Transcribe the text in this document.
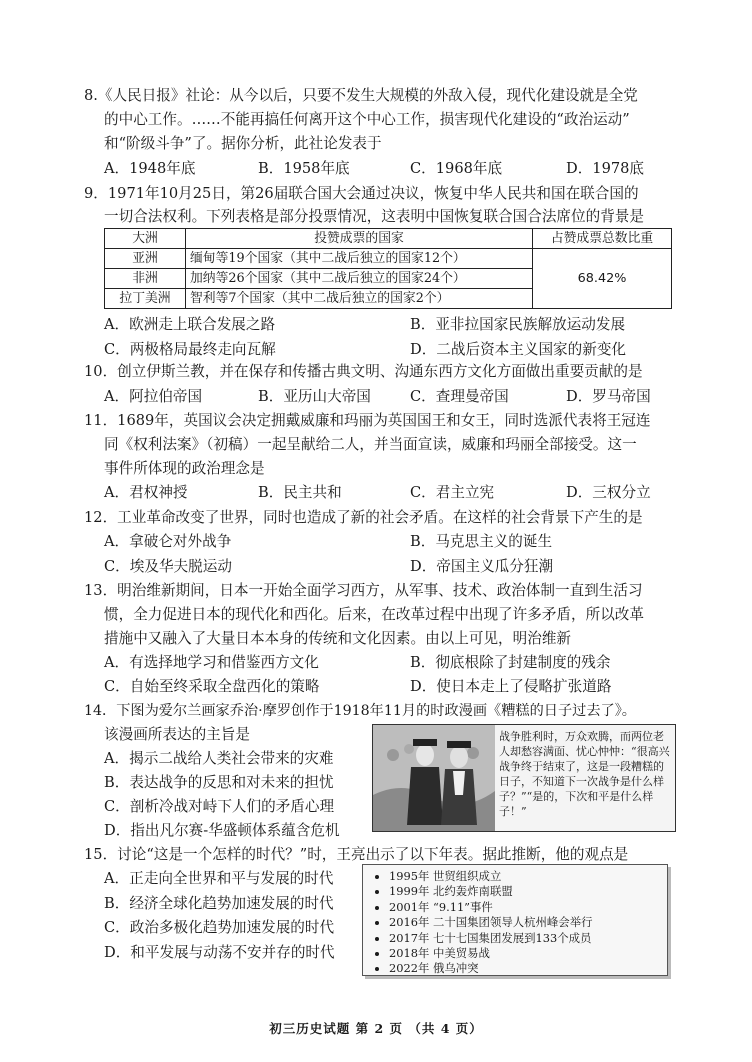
8.《人民日报》社论：从今以后，只要不发生大规模的外敌入侵，现代化建设就是全党
的中心工作。……不能再搞任何离开这个中心工作，损害现代化建设的“政治运动”
和“阶级斗争”了。据你分析，此社论发表于
A．1948年底	B．1958年底	C．1968年底	D．1978底
9．1971年10月25日，第26届联合国大会通过决议，恢复中华人民共和国在联合国的
一切合法权利。下列表格是部分投票情况，这表明中国恢复联合国合法席位的背景是
大洲	投赞成票的国家	占赞成票总数比重
亚洲	缅甸等19个国家（其中二战后独立的国家12个）	68.42%
非洲	加纳等26个国家（其中二战后独立的国家24个）	
拉丁美洲	智利等7个国家（其中二战后独立的国家2个）	
A．欧洲走上联合发展之路	B．亚非拉国家民族解放运动发展
C．两极格局最终走向瓦解	D．二战后资本主义国家的新变化
10．创立伊斯兰教，并在保存和传播古典文明、沟通东西方文化方面做出重要贡献的是
A．阿拉伯帝国	B．亚历山大帝国	C．查理曼帝国	D．罗马帝国
11．1689年，英国议会决定拥戴威廉和玛丽为英国国王和女王，同时选派代表将王冠连
同《权利法案》（初稿）一起呈献给二人，并当面宣读，威廉和玛丽全部接受。这一
事件所体现的政治理念是
A．君权神授	B．民主共和	C．君主立宪	D．三权分立
12．工业革命改变了世界，同时也造成了新的社会矛盾。在这样的社会背景下产生的是
A．拿破仑对外战争	B．马克思主义的诞生
C．埃及华夫脱运动	D．帝国主义瓜分狂潮
13．明治维新期间，日本一开始全面学习西方，从军事、技术、政治体制一直到生活习
惯，全力促进日本的现代化和西化。后来，在改革过程中出现了许多矛盾，所以改革
措施中又融入了大量日本本身的传统和文化因素。由以上可见，明治维新
A．有选择地学习和借鉴西方文化	B．彻底根除了封建制度的残余
C．自始至终采取全盘西化的策略	D．使日本走上了侵略扩张道路
14．下图为爱尔兰画家乔治·摩罗创作于1918年11月的时政漫画《糟糕的日子过去了》。
该漫画所表达的主旨是
A．揭示二战给人类社会带来的灾难
B．表达战争的反思和对未来的担忧
C．剖析冷战对峙下人们的矛盾心理
D．指出凡尔赛-华盛顿体系蕴含危机
战争胜利时，万众欢腾，而两位老人却愁容满面、忧心忡忡：“很高兴战争终于结束了，这是一段糟糕的日子，不知道下一次战争是什么样子？”“是的，下次和平是什么样子！”
15．讨论“这是一个怎样的时代？”时，王亮出示了以下年表。据此推断，他的观点是
A．正走向全世界和平与发展的时代
B．经济全球化趋势加速发展的时代
C．政治多极化趋势加速发展的时代
D．和平发展与动荡不安并存的时代
• 1995年 世贸组织成立
• 1999年 北约轰炸南联盟
• 2001年 “9.11”事件
• 2016年 二十国集团领导人杭州峰会举行
• 2017年 七十七国集团发展到133个成员
• 2018年 中美贸易战
• 2022年 俄乌冲突
初三历史试题 第 2 页 （共 4 页）
